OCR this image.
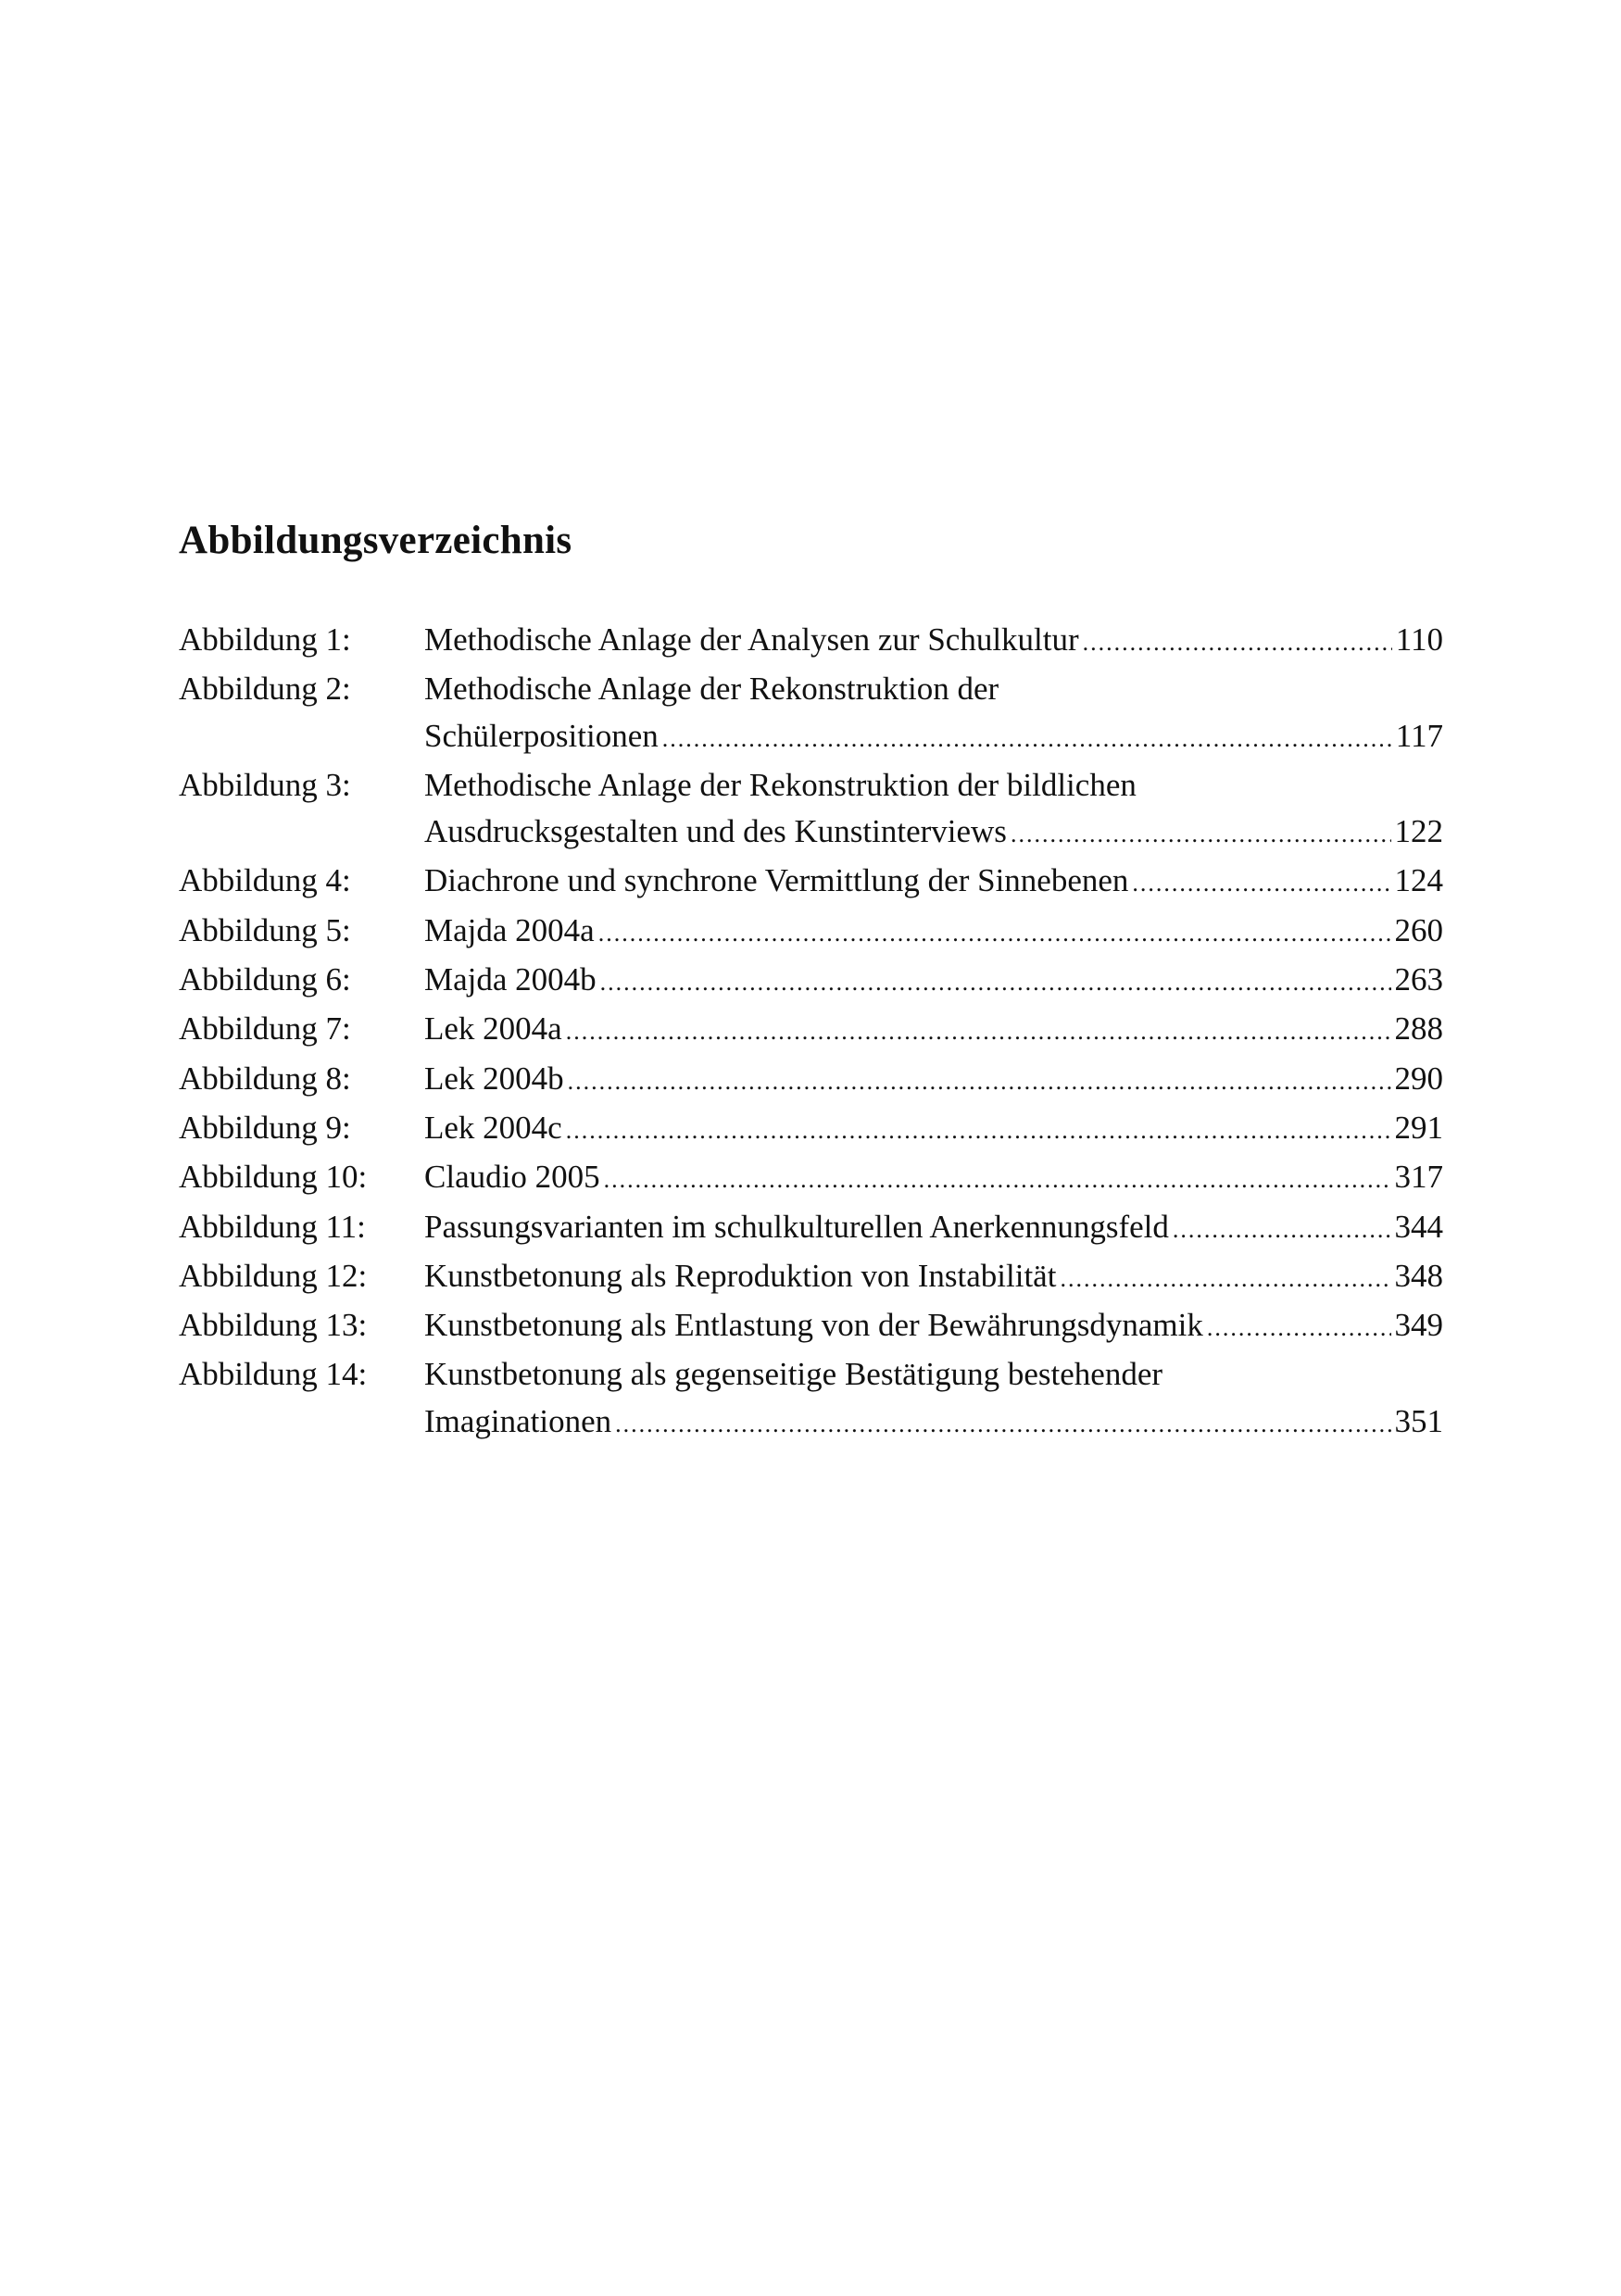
Abbildungsverzeichnis
Abbildung 1:	Methodische Anlage der Analysen zur Schulkultur .....	110
Abbildung 2:	Methodische Anlage der Rekonstruktion der
Schülerpositionen .....	117
Abbildung 3:	Methodische Anlage der Rekonstruktion der bildlichen
Ausdrucksgestalten und des Kunstinterviews .....	122
Abbildung 4:	Diachrone und synchrone Vermittlung der Sinnebenen .....	124
Abbildung 5:	Majda 2004a .....	260
Abbildung 6:	Majda 2004b .....	263
Abbildung 7:	Lek 2004a .....	288
Abbildung 8:	Lek 2004b .....	290
Abbildung 9:	Lek 2004c .....	291
Abbildung 10:	Claudio 2005 .....	317
Abbildung 11:	Passungsvarianten im schulkulturellen Anerkennungsfeld .....	344
Abbildung 12:	Kunstbetonung als Reproduktion von Instabilität .....	348
Abbildung 13:	Kunstbetonung als Entlastung von der Bewährungsdynamik .....	349
Abbildung 14:	Kunstbetonung als gegenseitige Bestätigung bestehender
Imaginationen .....	351
